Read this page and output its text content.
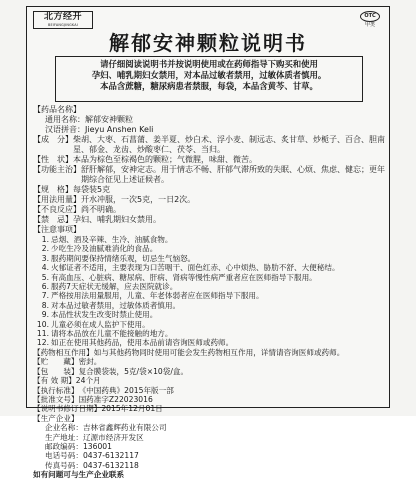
北方经开
BEIFANGJINGKAI
OTC
甲类
解郁安神颗粒说明书
请仔细阅读说明书并按说明使用或在药师指导下购买和使用
孕妇、哺乳期妇女禁用，对本品过敏者禁用，过敏体质者慎用。
本品含蔗糖，糖尿病患者禁服，每袋，本品含黄芩、甘草。
【药品名称】
通用名称： 解郁安神颗粒
汉语拼音： Jieyu Anshen Keli
【成　分】 柴胡、大枣、石菖蒲、姜半夏、炒白术、浮小麦、制远志、炙甘草、炒栀子、百合、胆南星、郁金、龙齿、炒酸枣仁、茯苓、当归。
【性　状】 本品为棕色至棕褐色的颗粒；气微腥，味甜、微苦。
【功能主治】 舒肝解郁，安神定志。用于情志不畅、肝郁气滞所致的失眠、心烦、焦虑、健忘；更年期综合征见上述证候者。
【规　格】 每袋装5克
【用法用量】 开水冲服，一次5克，一日2次。
【不良反应】 尚不明确。
【禁　忌】 孕妇、哺乳期妇女禁用。
【注意事项】
1. 忌烟、酒及辛辣、生冷、油腻食物。
2. 少吃生冷及油腻难消化的食品。
3. 服药期间要保持情绪乐观，切忌生气恼怒。
4. 火郁证者不适用，主要表现为口苦咽干、面色红赤、心中烦热、胁肋不舒、大便秘结。
5. 有高血压、心脏病、糖尿病、肝病、肾病等慢性病严重者应在医师指导下服用。
6. 服药7天症状无缓解，应去医院就诊。
7. 严格按用法用量服用，儿童、年老体弱者应在医师指导下服用。
8. 对本品过敏者禁用，过敏体质者慎用。
9. 本品性状发生改变时禁止使用。
10. 儿童必须在成人监护下使用。
11. 请将本品放在儿童不能接触的地方。
12. 如正在使用其他药品，使用本品前请咨询医师或药师。
【药物相互作用】 如与其他药物同时使用可能会发生药物相互作用，详情请咨询医师或药师。
【贮　　藏】 密封。
【包　　装】 复合膜袋装，5克/袋×10袋/盒。
【有 效 期】 24个月
【执行标准】 《中国药典》2015年版一部
【批准文号】 国药准字Z22023016
【说明书修订日期】 2015年12月01日
【生产企业】
企业名称： 吉林省鑫辉药业有限公司
生产地址： 辽源市经济开发区
邮政编码： 136001
电话号码： 0437-6132117
传真号码： 0437-6132118
如有问题可与生产企业联系
